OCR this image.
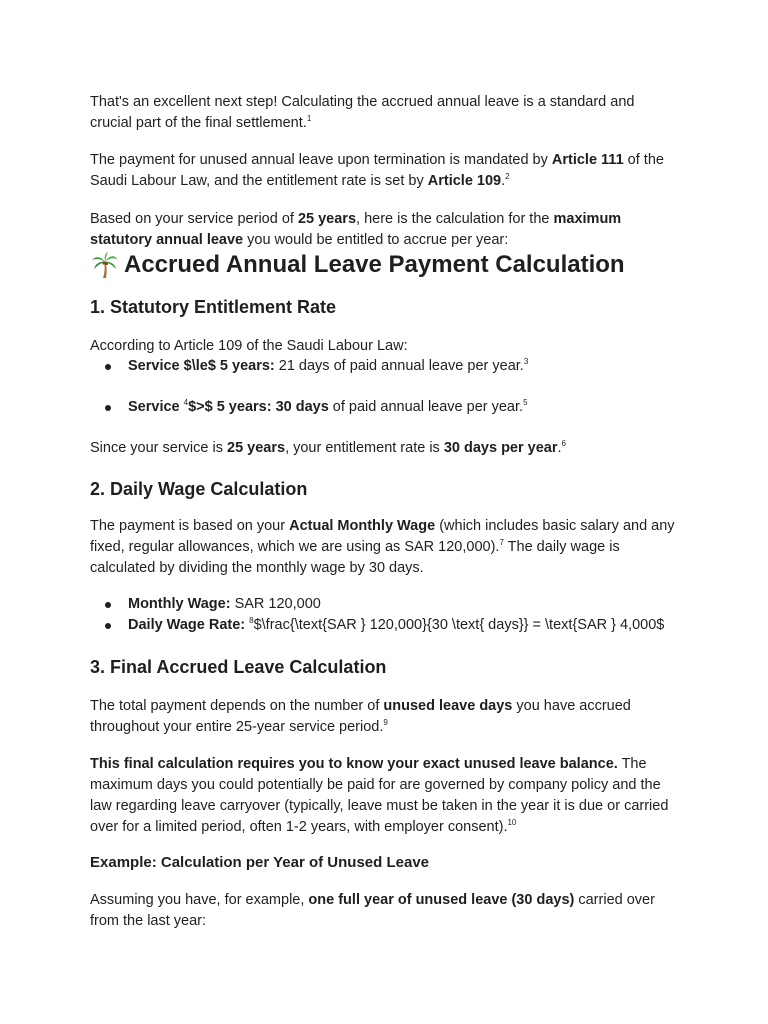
That's an excellent next step! Calculating the accrued annual leave is a standard and crucial part of the final settlement.$^1$

The payment for unused annual leave upon termination is mandated by Article 111 of the Saudi Labour Law, and the entitlement rate is set by Article 109.$^2$

Based on your service period of 25 years, here is the calculation for the maximum statutory annual leave you would be entitled to accrue per year:

Accrued Annual Leave Payment Calculation
1. Statutory Entitlement Rate

According to Article 109 of the Saudi Labour Law:

Service $\le$ 5 years: 21 days of paid annual leave per year.$^3$
Service $^4$\$>$ 5 years: 30 days of paid annual leave per year.$^5$

Since your service is 25 years, your entitlement rate is 30 days per year.$^6$

2. Daily Wage Calculation

The payment is based on your Actual Monthly Wage (which includes basic salary and any fixed, regular allowances, which we are using as SAR 120,000).$^7$ The daily wage is calculated by dividing the monthly wage by 30 days.

Monthly Wage: SAR 120,000
Daily Wage Rate: $^8$\$\frac{\text{SAR } 120,000}{30 \text{ days}} = \text{SAR } 4,000$
3. Final Accrued Leave Calculation

The total payment depends on the number of unused leave days you have accrued throughout your entire 25-year service period.$^9$

This final calculation requires you to know your exact unused leave balance. The maximum days you could potentially be paid for are governed by company policy and the law regarding leave carryover (typically, leave must be taken in the year it is due or carried over for a limited period, often 1-2 years, with employer consent).$^{10}$

Example: Calculation per Year of Unused Leave

Assuming you have, for example, one full year of unused leave (30 days) carried over from the last year:
